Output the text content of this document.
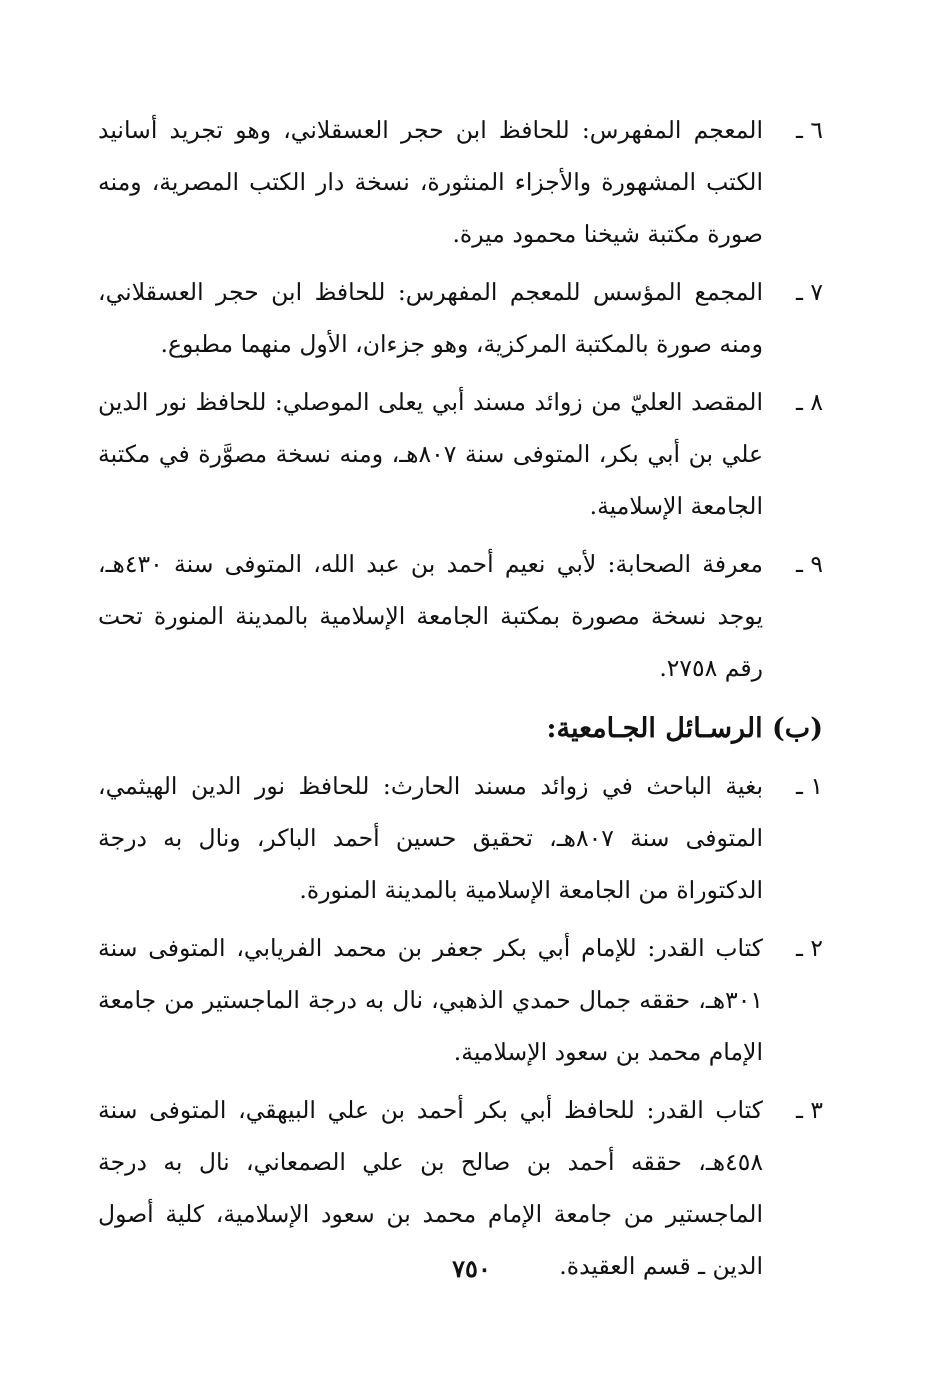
٦ ـ
المعجم المفهرس: للحافظ ابن حجر العسقلاني، وهو تجريد أسانيد الكتب المشهورة والأجزاء المنثورة، نسخة دار الكتب المصرية، ومنه صورة مكتبة شيخنا محمود ميرة.
٧ ـ
المجمع المؤسس للمعجم المفهرس: للحافظ ابن حجر العسقلاني، ومنه صورة بالمكتبة المركزية، وهو جزءان، الأول منهما مطبوع.
٨ ـ
المقصد العليّ من زوائد مسند أبي يعلى الموصلي: للحافظ نور الدين علي بن أبي بكر، المتوفى سنة ٨٠٧هـ، ومنه نسخة مصوَّرة في مكتبة الجامعة الإسلامية.
٩ ـ
معرفة الصحابة: لأبي نعيم أحمد بن عبد الله، المتوفى سنة ٤٣٠هـ، يوجد نسخة مصورة بمكتبة الجامعة الإسلامية بالمدينة المنورة تحت رقم ٢٧٥٨.
(ب) الرسـائل الجـامعية:
١ ـ
بغية الباحث في زوائد مسند الحارث: للحافظ نور الدين الهيثمي، المتوفى سنة ٨٠٧هـ، تحقيق حسين أحمد الباكر، ونال به درجة الدكتوراة من الجامعة الإسلامية بالمدينة المنورة.
٢ ـ
كتاب القدر: للإمام أبي بكر جعفر بن محمد الفريابي، المتوفى سنة ٣٠١هـ، حققه جمال حمدي الذهبي، نال به درجة الماجستير من جامعة الإمام محمد بن سعود الإسلامية.
٣ ـ
كتاب القدر: للحافظ أبي بكر أحمد بن علي البيهقي، المتوفى سنة ٤٥٨هـ، حققه أحمد بن صالح بن علي الصمعاني، نال به درجة الماجستير من جامعة الإمام محمد بن سعود الإسلامية، كلية أصول الدين ـ قسم العقيدة.
٧٥٠
